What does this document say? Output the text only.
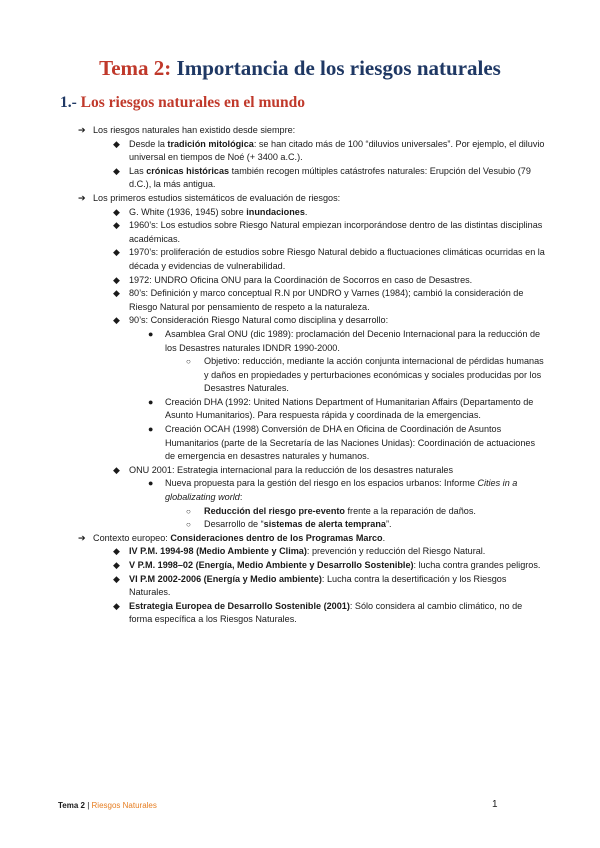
Tema 2: Importancia de los riesgos naturales
1.- Los riesgos naturales en el mundo
➔ Los riesgos naturales han existido desde siempre:
◆ Desde la tradición mitológica: se han citado más de 100 “diluvios universales”. Por ejemplo, el diluvio universal en tiempos de Noé (+ 3400 a.C.).
◆ Las crónicas históricas también recogen múltiples catástrofes naturales: Erupción del Vesubio (79 d.C.), la más antigua.
➔ Los primeros estudios sistemáticos de evaluación de riesgos:
◆ G. White (1936, 1945) sobre inundaciones.
◆ 1960’s: Los estudios sobre Riesgo Natural empiezan incorporándose dentro de las distintas disciplinas académicas.
◆ 1970’s: proliferación de estudios sobre Riesgo Natural debido a fluctuaciones climáticas ocurridas en la década y evidencias de vulnerabilidad.
◆ 1972: UNDRO Oficina ONU para la Coordinación de Socorros en caso de Desastres.
◆ 80’s: Definición y marco conceptual R.N por UNDRO y Varnes (1984); cambió la consideración de Riesgo Natural por pensamiento de respeto a la naturaleza.
◆ 90’s: Consideración Riesgo Natural como disciplina y desarrollo:
● Asamblea Gral ONU (dic 1989): proclamación del Decenio Internacional para la reducción de los Desastres naturales IDNDR 1990-2000.
○ Objetivo: reducción, mediante la acción conjunta internacional de pérdidas humanas y daños en propiedades y perturbaciones económicas y sociales producidas por los Desastres Naturales.
● Creación DHA (1992: United Nations Department of Humanitarian Affairs (Departamento de Asunto Humanitarios). Para respuesta rápida y coordinada de la emergencias.
● Creación OCAH (1998) Conversión de DHA en Oficina de Coordinación de Asuntos Humanitarios (parte de la Secretaría de las Naciones Unidas): Coordinación de actuaciones de emergencia en desastres naturales y humanos.
◆ ONU 2001: Estrategia internacional para la reducción de los desastres naturales
● Nueva propuesta para la gestión del riesgo en los espacios urbanos: Informe Cities in a globalizating world:
○ Reducción del riesgo pre-evento frente a la reparación de daños.
○ Desarrollo de “sistemas de alerta temprana”.
➔ Contexto europeo: Consideraciones dentro de los Programas Marco.
◆ IV P.M. 1994-98 (Medio Ambiente y Clima): prevención y reducción del Riesgo Natural.
◆ V P.M. 1998–02 (Energía, Medio Ambiente y Desarrollo Sostenible): lucha contra grandes peligros.
◆ VI P.M 2002-2006 (Energía y Medio ambiente): Lucha contra la desertificación y los Riesgos Naturales.
◆ Estrategia Europea de Desarrollo Sostenible (2001): Sólo considera al cambio climático, no de forma específica a los Riesgos Naturales.
Tema 2 | Riesgos Naturales	1
